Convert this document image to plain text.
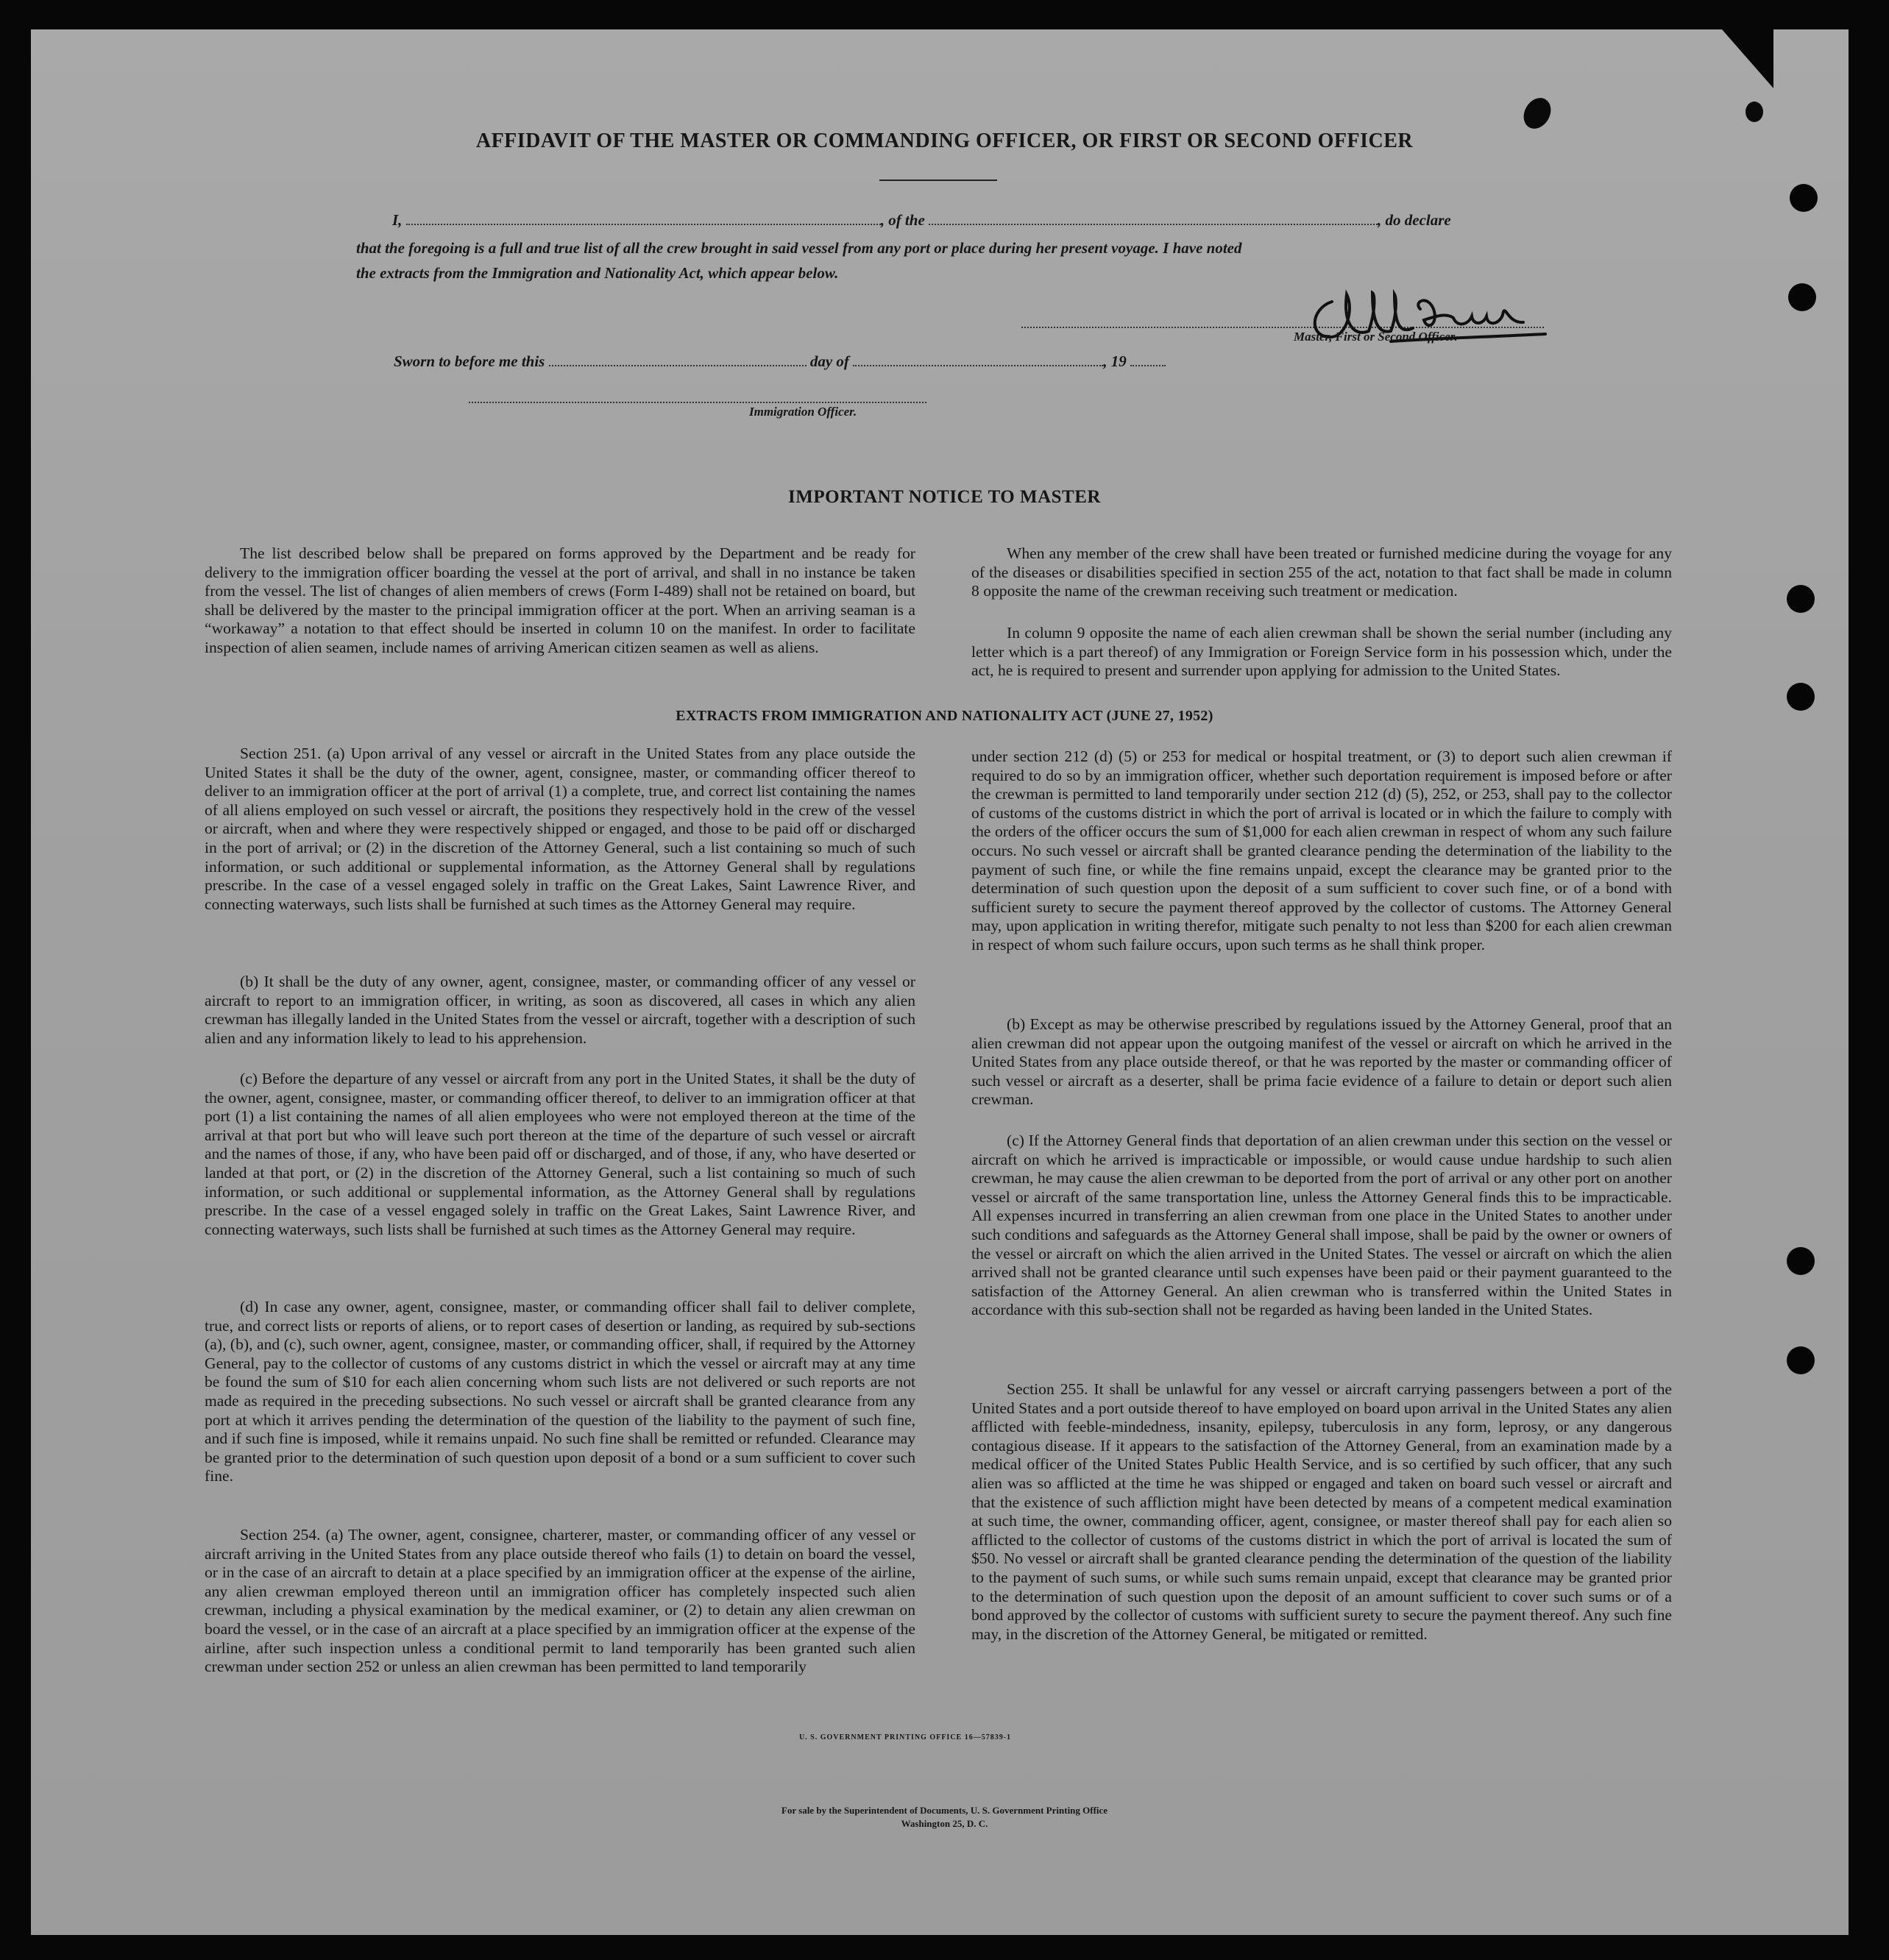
AFFIDAVIT OF THE MASTER OR COMMANDING OFFICER, OR FIRST OR SECOND OFFICER
I,	, of the	, do declare
that the foregoing is a full and true list of all the crew brought in said vessel from any port or place during her present voyage. I have noted
the extracts from the Immigration and Nationality Act, which appear below.
Master, First or Second Officer.
Sworn to before me this	day of	, 19
Immigration Officer.
IMPORTANT NOTICE TO MASTER

The list described below shall be prepared on forms approved by the Department and be ready for delivery to the immigration officer boarding the vessel at the port of arrival, and shall in no instance be taken from the vessel. The list of changes of alien members of crews (Form I-489) shall not be retained on board, but shall be delivered by the master to the principal immigration officer at the port. When an arriving seaman is a “workaway” a notation to that effect should be inserted in column 10 on the manifest. In order to facilitate inspection of alien seamen, include names of arriving American citizen seamen as well as aliens.

When any member of the crew shall have been treated or furnished medicine during the voyage for any of the diseases or disabilities specified in section 255 of the act, notation to that fact shall be made in column 8 opposite the name of the crewman receiving such treatment or medication.

In column 9 opposite the name of each alien crewman shall be shown the serial number (including any letter which is a part thereof) of any Immigration or Foreign Service form in his possession which, under the act, he is required to present and surrender upon applying for admission to the United States.

EXTRACTS FROM IMMIGRATION AND NATIONALITY ACT (JUNE 27, 1952)

Section 251. (a) Upon arrival of any vessel or aircraft in the United States from any place outside the United States it shall be the duty of the owner, agent, consignee, master, or commanding officer thereof to deliver to an immigration officer at the port of arrival (1) a complete, true, and correct list containing the names of all aliens employed on such vessel or aircraft, the positions they respectively hold in the crew of the vessel or aircraft, when and where they were respectively shipped or engaged, and those to be paid off or discharged in the port of arrival; or (2) in the discretion of the Attorney General, such a list containing so much of such information, or such additional or supplemental information, as the Attorney General shall by regulations prescribe. In the case of a vessel engaged solely in traffic on the Great Lakes, Saint Lawrence River, and connecting waterways, such lists shall be furnished at such times as the Attorney General may require.

(b) It shall be the duty of any owner, agent, consignee, master, or commanding officer of any vessel or aircraft to report to an immigration officer, in writing, as soon as discovered, all cases in which any alien crewman has illegally landed in the United States from the vessel or aircraft, together with a description of such alien and any information likely to lead to his apprehension.

(c) Before the departure of any vessel or aircraft from any port in the United States, it shall be the duty of the owner, agent, consignee, master, or commanding officer thereof, to deliver to an immigration officer at that port (1) a list containing the names of all alien employees who were not employed thereon at the time of the arrival at that port but who will leave such port thereon at the time of the departure of such vessel or aircraft and the names of those, if any, who have been paid off or discharged, and of those, if any, who have deserted or landed at that port, or (2) in the discretion of the Attorney General, such a list containing so much of such information, or such additional or supplemental information, as the Attorney General shall by regulations prescribe. In the case of a vessel engaged solely in traffic on the Great Lakes, Saint Lawrence River, and connecting waterways, such lists shall be furnished at such times as the Attorney General may require.

(d) In case any owner, agent, consignee, master, or commanding officer shall fail to deliver complete, true, and correct lists or reports of aliens, or to report cases of desertion or landing, as required by sub-sections (a), (b), and (c), such owner, agent, consignee, master, or commanding officer, shall, if required by the Attorney General, pay to the collector of customs of any customs district in which the vessel or aircraft may at any time be found the sum of $10 for each alien concerning whom such lists are not delivered or such reports are not made as required in the preceding subsections. No such vessel or aircraft shall be granted clearance from any port at which it arrives pending the determination of the question of the liability to the payment of such fine, and if such fine is imposed, while it remains unpaid. No such fine shall be remitted or refunded. Clearance may be granted prior to the determination of such question upon deposit of a bond or a sum sufficient to cover such fine.

Section 254. (a) The owner, agent, consignee, charterer, master, or commanding officer of any vessel or aircraft arriving in the United States from any place outside thereof who fails (1) to detain on board the vessel, or in the case of an aircraft to detain at a place specified by an immigration officer at the expense of the airline, any alien crewman employed thereon until an immigration officer has completely inspected such alien crewman, including a physical examination by the medical examiner, or (2) to detain any alien crewman on board the vessel, or in the case of an aircraft at a place specified by an immigration officer at the expense of the airline, after such inspection unless a conditional permit to land temporarily has been granted such alien crewman under section 252 or unless an alien crewman has been permitted to land temporarily

under section 212 (d) (5) or 253 for medical or hospital treatment, or (3) to deport such alien crewman if required to do so by an immigration officer, whether such deportation requirement is imposed before or after the crewman is permitted to land temporarily under section 212 (d) (5), 252, or 253, shall pay to the collector of customs of the customs district in which the port of arrival is located or in which the failure to comply with the orders of the officer occurs the sum of $1,000 for each alien crewman in respect of whom any such failure occurs. No such vessel or aircraft shall be granted clearance pending the determination of the liability to the payment of such fine, or while the fine remains unpaid, except the clearance may be granted prior to the determination of such question upon the deposit of a sum sufficient to cover such fine, or of a bond with sufficient surety to secure the payment thereof approved by the collector of customs. The Attorney General may, upon application in writing therefor, mitigate such penalty to not less than $200 for each alien crewman in respect of whom such failure occurs, upon such terms as he shall think proper.

(b) Except as may be otherwise prescribed by regulations issued by the Attorney General, proof that an alien crewman did not appear upon the outgoing manifest of the vessel or aircraft on which he arrived in the United States from any place outside thereof, or that he was reported by the master or commanding officer of such vessel or aircraft as a deserter, shall be prima facie evidence of a failure to detain or deport such alien crewman.

(c) If the Attorney General finds that deportation of an alien crewman under this section on the vessel or aircraft on which he arrived is impracticable or impossible, or would cause undue hardship to such alien crewman, he may cause the alien crewman to be deported from the port of arrival or any other port on another vessel or aircraft of the same transportation line, unless the Attorney General finds this to be impracticable. All expenses incurred in transferring an alien crewman from one place in the United States to another under such conditions and safeguards as the Attorney General shall impose, shall be paid by the owner or owners of the vessel or aircraft on which the alien arrived in the United States. The vessel or aircraft on which the alien arrived shall not be granted clearance until such expenses have been paid or their payment guaranteed to the satisfaction of the Attorney General. An alien crewman who is transferred within the United States in accordance with this sub-section shall not be regarded as having been landed in the United States.

Section 255. It shall be unlawful for any vessel or aircraft carrying passengers between a port of the United States and a port outside thereof to have employed on board upon arrival in the United States any alien afflicted with feeble-mindedness, insanity, epilepsy, tuberculosis in any form, leprosy, or any dangerous contagious disease. If it appears to the satisfaction of the Attorney General, from an examination made by a medical officer of the United States Public Health Service, and is so certified by such officer, that any such alien was so afflicted at the time he was shipped or engaged and taken on board such vessel or aircraft and that the existence of such affliction might have been detected by means of a competent medical examination at such time, the owner, commanding officer, agent, consignee, or master thereof shall pay for each alien so afflicted to the collector of customs of the customs district in which the port of arrival is located the sum of $50. No vessel or aircraft shall be granted clearance pending the determination of the question of the liability to the payment of such sums, or while such sums remain unpaid, except that clearance may be granted prior to the determination of such question upon the deposit of an amount sufficient to cover such sums or of a bond approved by the collector of customs with sufficient surety to secure the payment thereof. Any such fine may, in the discretion of the Attorney General, be mitigated or remitted.

U. S. GOVERNMENT PRINTING OFFICE 16—57839-1
For sale by the Superintendent of Documents, U. S. Government Printing Office
Washington 25, D. C.
